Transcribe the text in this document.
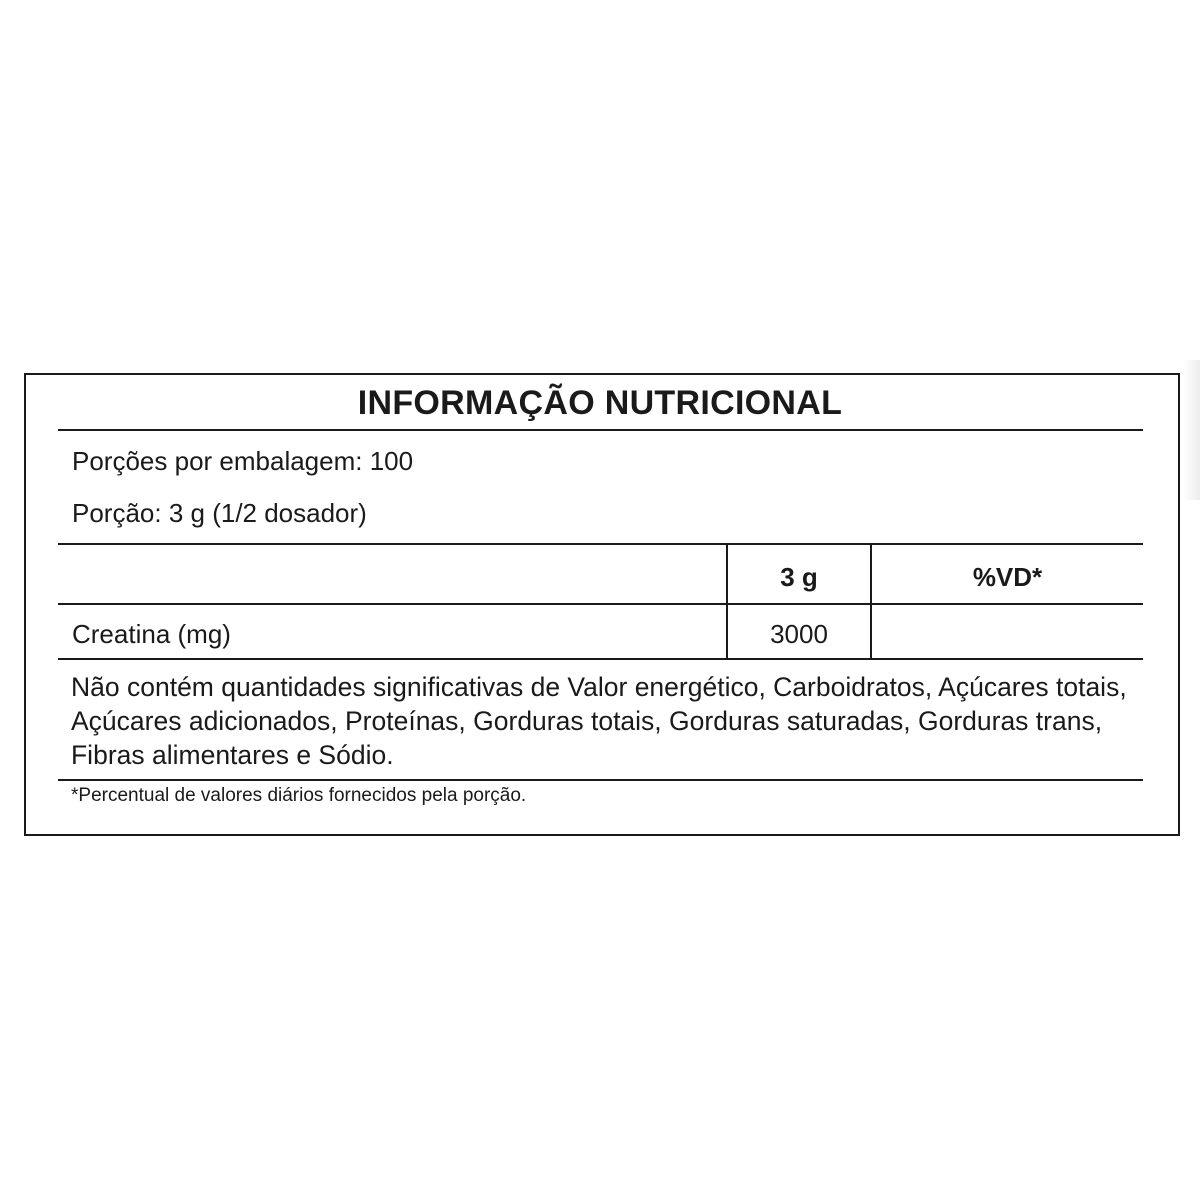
INFORMAÇÃO NUTRICIONAL
Porções por embalagem: 100
Porção: 3 g (1/2 dosador)
3 g	%VD*
Creatina (mg)	3000
Não contém quantidades significativas de Valor energético, Carboidratos, Açúcares totais, Açúcares adicionados, Proteínas, Gorduras totais, Gorduras saturadas, Gorduras trans, Fibras alimentares e Sódio.
*Percentual de valores diários fornecidos pela porção.
